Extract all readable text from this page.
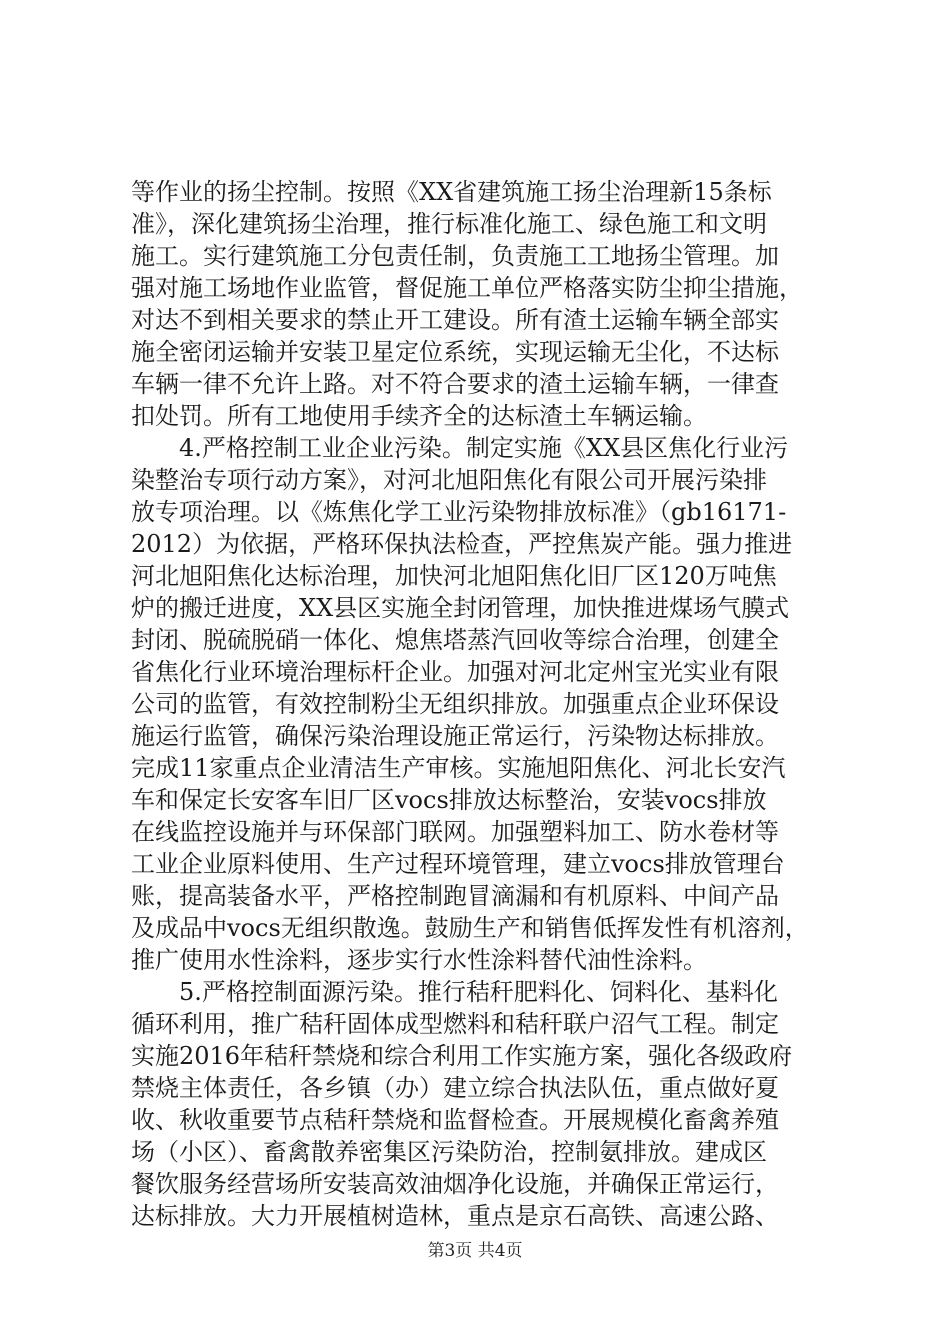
等作业的扬尘控制。按照《XX省建筑施工扬尘治理新15条标
准》，深化建筑扬尘治理，推行标准化施工、绿色施工和文明
施工。实行建筑施工分包责任制，负责施工工地扬尘管理。加
强对施工场地作业监管，督促施工单位严格落实防尘抑尘措施，
对达不到相关要求的禁止开工建设。所有渣土运输车辆全部实
施全密闭运输并安装卫星定位系统，实现运输无尘化，不达标
车辆一律不允许上路。对不符合要求的渣土运输车辆，一律查
扣处罚。所有工地使用手续齐全的达标渣土车辆运输。
4.严格控制工业企业污染。制定实施《XX县区焦化行业污
染整治专项行动方案》，对河北旭阳焦化有限公司开展污染排
放专项治理。以《炼焦化学工业污染物排放标准》（gb16171-
2012）为依据，严格环保执法检查，严控焦炭产能。强力推进
河北旭阳焦化达标治理，加快河北旭阳焦化旧厂区120万吨焦
炉的搬迁进度，XX县区实施全封闭管理，加快推进煤场气膜式
封闭、脱硫脱硝一体化、熄焦塔蒸汽回收等综合治理，创建全
省焦化行业环境治理标杆企业。加强对河北定州宝光实业有限
公司的监管，有效控制粉尘无组织排放。加强重点企业环保设
施运行监管，确保污染治理设施正常运行，污染物达标排放。
完成11家重点企业清洁生产审核。实施旭阳焦化、河北长安汽
车和保定长安客车旧厂区vocs排放达标整治，安装vocs排放
在线监控设施并与环保部门联网。加强塑料加工、防水卷材等
工业企业原料使用、生产过程环境管理，建立vocs排放管理台
账，提高装备水平，严格控制跑冒滴漏和有机原料、中间产品
及成品中vocs无组织散逸。鼓励生产和销售低挥发性有机溶剂，
推广使用水性涂料，逐步实行水性涂料替代油性涂料。
5.严格控制面源污染。推行秸秆肥料化、饲料化、基料化
循环利用，推广秸秆固体成型燃料和秸秆联户沼气工程。制定
实施2016年秸秆禁烧和综合利用工作实施方案，强化各级政府
禁烧主体责任，各乡镇（办）建立综合执法队伍，重点做好夏
收、秋收重要节点秸秆禁烧和监督检查。开展规模化畜禽养殖
场（小区）、畜禽散养密集区污染防治，控制氨排放。建成区
餐饮服务经营场所安装高效油烟净化设施，并确保正常运行，
达标排放。大力开展植树造林，重点是京石高铁、高速公路、
第3页 共4页
